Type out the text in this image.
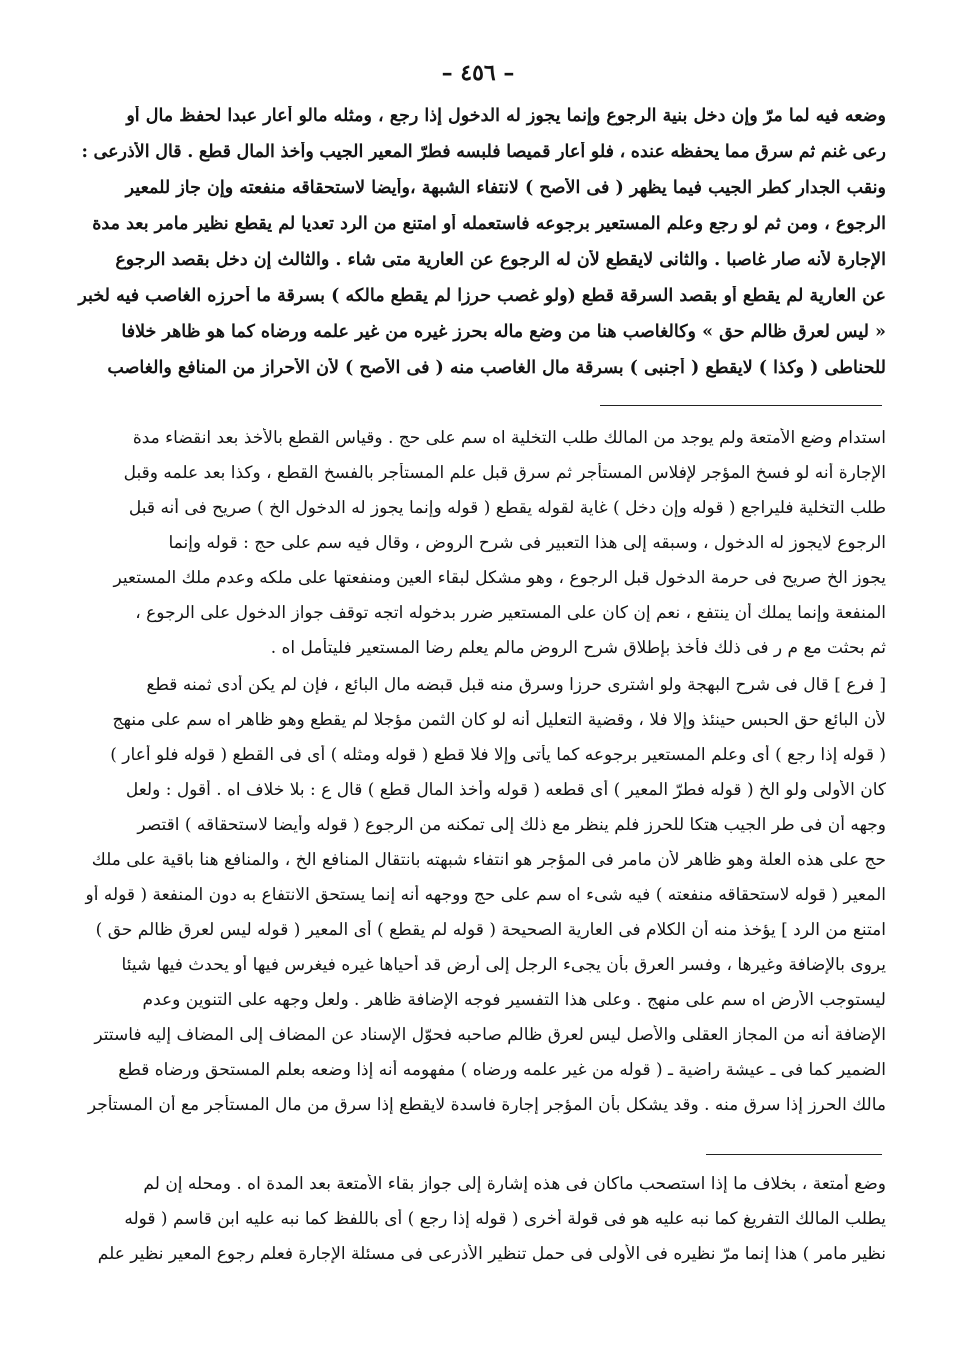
– ٤٥٦ –
وضعه فيه لما مرّ وإن دخل بنية الرجوع وإنما يجوز له الدخول إذا رجع ، ومثله مالو أعار عبدا لحفظ مال أو
رعى غنم ثم سرق مما يحفظه عنده ، فلو أعار قميصا فلبسه فطرّ المعير الجيب وأخذ المال قطع . قال الأذرعى :
ونقب الجدار كطر الجيب فيما يظهر ( فى الأصح ) لانتفاء الشبهة ،وأيضا لاستحقاقه منفعته وإن جاز للمعير
الرجوع ، ومن ثم لو رجع وعلم المستعير برجوعه فاستعمله أو امتنع من الرد تعديا لم يقطع نظير مامر بعد مدة
الإجارة لأنه صار غاصبا . والثانى لايقطع لأن له الرجوع عن العارية متى شاء . والثالث إن دخل بقصد الرجوع
عن العارية لم يقطع أو بقصد السرقة قطع (ولو غصب حرزا لم يقطع مالكه ) بسرقة ما أحرزه الغاصب فيه لخبر
« ليس لعرق ظالم حق » وكالغاصب هنا من وضع ماله بحرز غيره من غير علمه ورضاه كما هو ظاهر خلافا
للحناطى ( وكذا ) لايقطع ( أجنبى ) بسرقة مال الغاصب منه ( فى الأصح ) لأن الأحراز من المنافع والغاصب
استدام وضع الأمتعة ولم يوجد من المالك طلب التخلية اه سم على حج . وقياس القطع بالأخذ بعد انقضاء مدة
الإجارة أنه لو فسخ المؤجر لإفلاس المستأجر ثم سرق قبل علم المستأجر بالفسخ القطع ، وكذا بعد علمه وقبل
طلب التخلية فليراجع ( قوله وإن دخل ) غاية لقوله يقطع ( قوله وإنما يجوز له الدخول الخ ) صريح فى أنه قبل
الرجوع لايجوز له الدخول ، وسبقه إلى هذا التعبير فى شرح الروض ، وقال فيه سم على حج : قوله وإنما
يجوز الخ صريح فى حرمة الدخول قبل الرجوع ، وهو مشكل لبقاء العين ومنفعتها على ملكه وعدم ملك المستعير
المنفعة وإنما يملك أن ينتفع ، نعم إن كان على المستعير ضرر بدخوله اتجه توقف جواز الدخول على الرجوع ،
ثم بحثت مع م ر فى ذلك فأخذ بإطلاق شرح الروض مالم يعلم رضا المستعير فليتأمل اه .
[ فرع ] قال فى شرح البهجة ولو اشترى حرزا وسرق منه قبل قبضه مال البائع ، فإن لم يكن أدى ثمنه قطع
لأن البائع حق الحبس حينئذ وإلا فلا ، وقضية التعليل أنه لو كان الثمن مؤجلا لم يقطع وهو ظاهر اه سم على منهج
( قوله إذا رجع ) أى وعلم المستعير برجوعه كما يأتى وإلا فلا قطع ( قوله ومثله ) أى فى القطع ( قوله فلو أعار )
كان الأولى ولو الخ ( قوله فطرّ المعير ) أى قطعه ( قوله وأخذ المال قطع ) قال ع : بلا خلاف اه . أقول : ولعل
وجهه أن فى طر الجيب هتكا للحرز فلم ينظر مع ذلك إلى تمكنه من الرجوع ( قوله وأيضا لاستحقاقه ) اقتصر
حج على هذه العلة وهو ظاهر لأن مامر فى المؤجر هو انتفاء شبهته بانتقال المنافع الخ ، والمنافع هنا باقية على ملك
المعير ( قوله لاستحقاقه منفعته ) فيه شىء اه سم على حج ووجهه أنه إنما يستحق الانتفاع به دون المنفعة ( قوله أو
امتنع من الرد ] يؤخذ منه أن الكلام فى العارية الصحيحة ( قوله لم يقطع ) أى المعير ( قوله ليس لعرق ظالم حق )
يروى بالإضافة وغيرها ، وفسر العرق بأن يجىء الرجل إلى أرض قد أحياها غيره فيغرس فيها أو يحدث فيها شيئا
ليستوجب الأرض اه سم على منهج . وعلى هذا التفسير فوجه الإضافة ظاهر . ولعل وجهه على التنوين وعدم
الإضافة أنه من المجاز العقلى والأصل ليس لعرق ظالم صاحبه فحوّل الإسناد عن المضاف إلى المضاف إليه فاستتر
الضمير كما فى ـ عيشة راضية ـ ( قوله من غير علمه ورضاه ) مفهومه أنه إذا وضعه بعلم المستحق ورضاه قطع
مالك الحرز إذا سرق منه . وقد يشكل بأن المؤجر إجارة فاسدة لايقطع إذا سرق من مال المستأجر مع أن المستأجر
وضع أمتعة ، بخلاف ما إذا استصحب ماكان فى هذه إشارة إلى جواز بقاء الأمتعة بعد المدة اه . ومحله إن لم
يطلب المالك التفريغ كما نبه عليه هو فى قولة أخرى ( قوله إذا رجع ) أى باللفظ كما نبه عليه ابن قاسم ( قوله
نظير مامر ) هذا إنما مرّ نظيره فى الأولى فى حمل تنظير الأذرعى فى مسئلة الإجارة فعلم رجوع المعير نظير علم
